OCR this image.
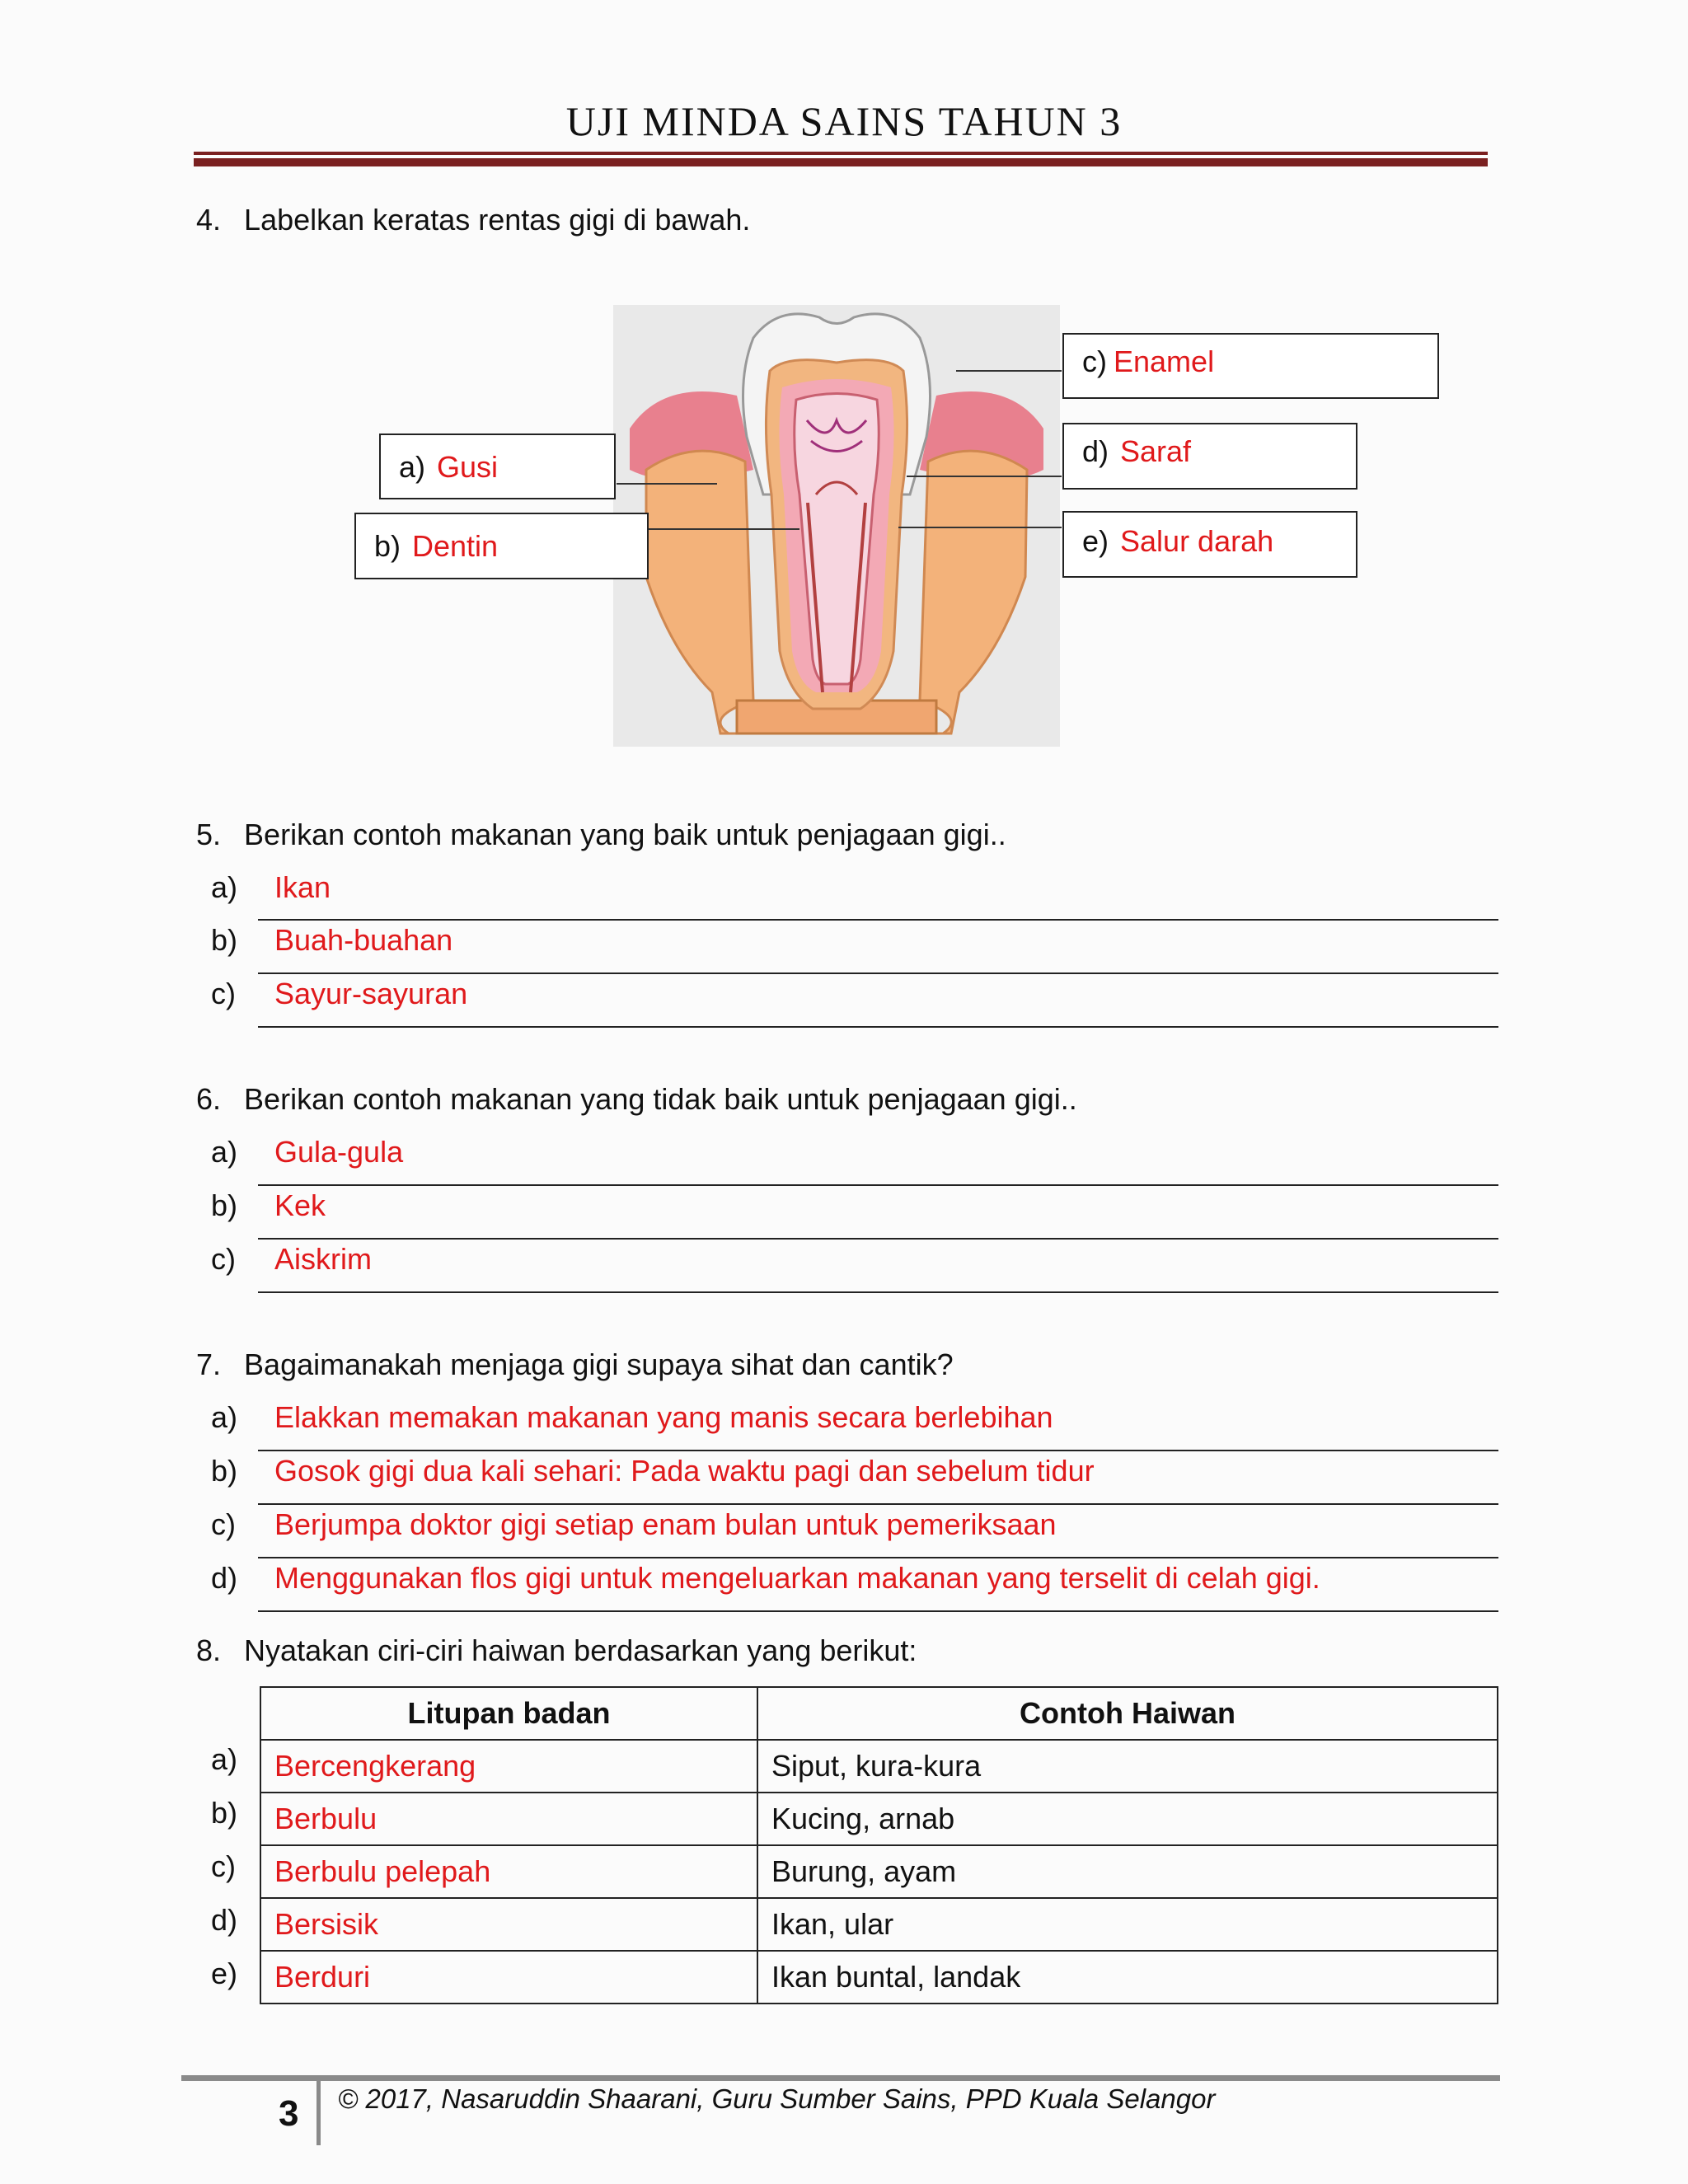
UJI MINDA SAINS TAHUN 3
4. Labelkan keratas rentas gigi di bawah.
a) Gusi
b) Dentin
c) Enamel
d) Saraf
e) Salur darah
5. Berikan contoh makanan yang baik untuk penjagaan gigi..
a) Ikan
b) Buah-buahan
c) Sayur-sayuran
6. Berikan contoh makanan yang tidak baik untuk penjagaan gigi..
a) Gula-gula
b) Kek
c) Aiskrim
7. Bagaimanakah menjaga gigi supaya sihat dan cantik?
a) Elakkan memakan makanan yang manis secara berlebihan
b) Gosok gigi dua kali sehari: Pada waktu pagi dan sebelum tidur
c) Berjumpa doktor gigi setiap enam bulan untuk pemeriksaan
d) Menggunakan flos gigi untuk mengeluarkan makanan yang terselit di celah gigi.
8. Nyatakan ciri-ciri haiwan berdasarkan yang berikut:
a)
b)
c)
d)
e)
Litupan badan	Contoh Haiwan
Bercengkerang	Siput, kura-kura
Berbulu	Kucing, arnab
Berbulu pelepah	Burung, ayam
Bersisik	Ikan, ular
Berduri	Ikan buntal, landak
3 © 2017, Nasaruddin Shaarani, Guru Sumber Sains, PPD Kuala Selangor
